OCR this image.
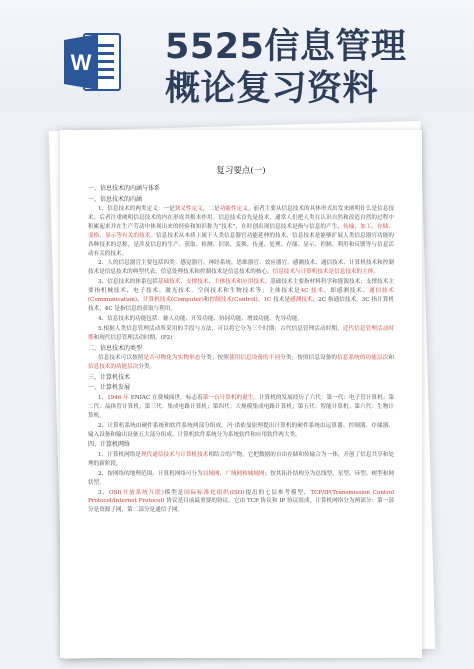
W 5525信息管理
概论复习资料
复习要点(一)
一、信息技术的内涵与体系
一、信息技术的内涵
1、信息技术的两类定义：一是狭义性定义，二是功能性定义。前者主要从信息技术的具体形式出发来阐明什么是信息技术；后者注重阐明信息技术的内在形成其根本作用。信息技术首先是技术，通常人们把人类在认识自然和改造自然的过程中积累起来并在生产劳动中体现出来的经验和知识称为“技术”，在时创出现信息技术是指与信息的产生、传输、加工、存储、变换、显示等有关的技术。信息技术从本质上属于人类信息器官功能延伸的技术，信息技术是能够扩展人类信息器官功能的各种技术的总称，是涉及信息的生产、获取、检测、识别、变换、传递、处理、存储、显示、控制、利用和反馈等与信息活动有关的技术。
2、人的信息器官主要包括四类：感觉器官、神经系统、思维器官、效应器官。感测技术、通信技术、计算机技术和控制技术是信息技术的典型代表，信息处理技术和控制技术是信息技术的核心，信息技术与计算机技术是信息技术的主体。
3、信息技术的体系包括基础技术、支撑技术、主体技术和应用技术。基础技术主要指材料科学和能源技术；支撑技术主要指机械技术、电子技术、激光技术、空间技术和生物技术等；主体技术是4C 技术，即感测技术、通信技术(Communication)、计算机技术(Computer)和控制技术(Control)。1C 技术是感测技术，2C 指通信技术，3C 指计算机技术，4C 是指信息的获取与利用。
4、信息技术的功能包括：辅人功能、开发功能、协同功能、增效功能、先导功能。
5.根据人类信息管理活动所采用的手段与方法，可以将它分为三个时期：古代信息管理活动时期、近代信息管理活动时期和现代信息管理活动时期。(P2)
二、信息技术的类型
信息技术可以按照是否可物化为实物形态分类；按照使用信息设备的不同分类；按照信息设备的信息系统的功能层次和信息技术的功能层次分类。
三、计算机技术
一、计算机发展
1、1946 年 ENIAC 在费城面世，标志着第一台计算机的诞生。计算机的发展经历了六代：第一代：电子管计算机；第二代：晶体管计算机；第三代：集成电路计算机；第四代：大规模集成电路计算机；第五代：智能计算机；第六代：生物计算机。
2、计算机系统由硬件系统和软件系统两部分组成。冯·诺依曼原理提出计算机的硬件系统由运算器、控制器、存储器、输入设备和输出设备五大部分组成。计算机软件系统分为系统软件和应用软件两大类。
四、计算机网络
1、计算机网络是现代通信技术与计算机技术相结合的产物，它把数据的自由存储和传输合为一体，开创了信息共享和处理的新阶段。
2、按网络的地理范围，计算机网络可分为局域网、广域网和城域网；按其拓扑结构分为总线型、星型、环型、树型和网状型。
3、OSI(开放系统互联)模型是国际标准化组织(ISO)提出的七层参考模型，TCP/IP(Transmission Control Protocol/Internet Protocol) 协议是目前最重要的协议，它由 TCP 协议和 IP 协议组成，计算机网络分为两部分：第一部分是资源子网，第二部分是通信子网。
